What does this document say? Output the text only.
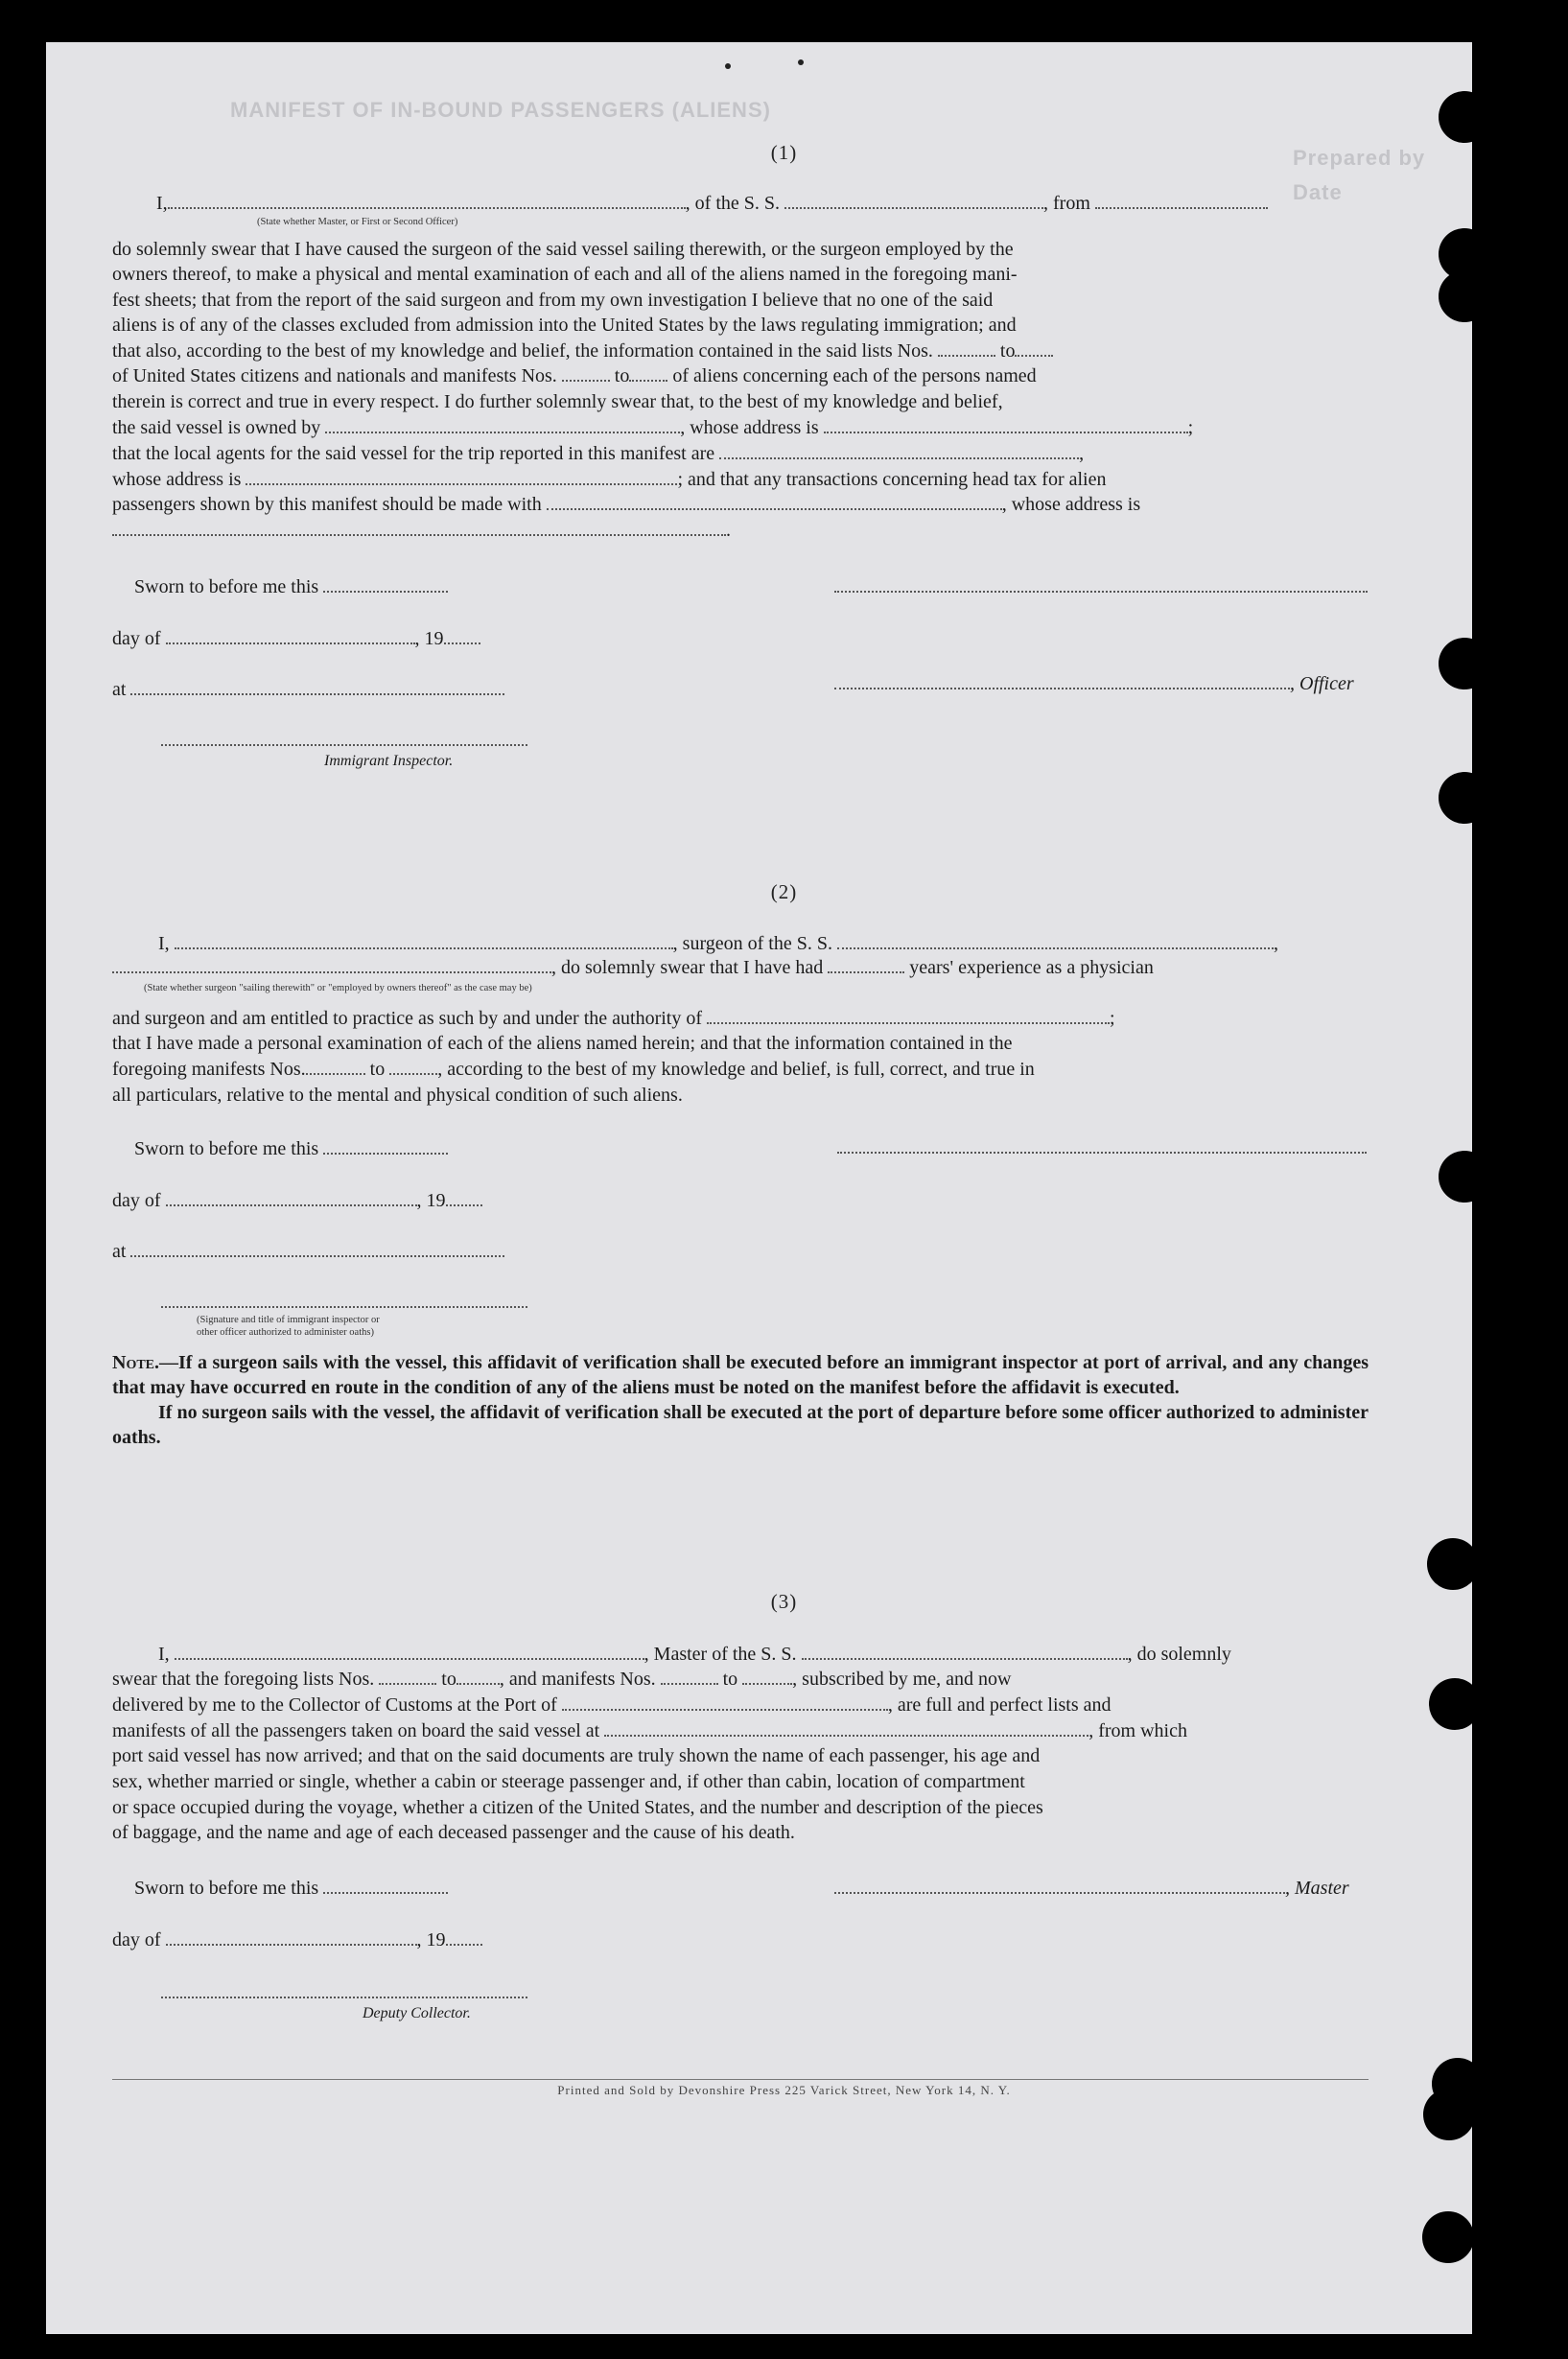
MANIFEST OF IN-BOUND PASSENGERS (ALIENS)
Prepared by
Date
(1)
I,	, of the S. S.	, from
(State whether Master, or First or Second Officer)
do solemnly swear that I have caused the surgeon of the said vessel sailing therewith, or the surgeon employed by the
owners thereof, to make a physical and mental examination of each and all of the aliens named in the foregoing mani-
fest sheets; that from the report of the said surgeon and from my own investigation I believe that no one of the said
aliens is of any of the classes excluded from admission into the United States by the laws regulating immigration; and
that also, according to the best of my knowledge and belief, the information contained in the said lists Nos.	to
of United States citizens and nationals and manifests Nos.	to of aliens concerning each of the persons named
therein is correct and true in every respect. I do further solemnly swear that, to the best of my knowledge and belief,
the said vessel is owned by	, whose address is	;
that the local agents for the said vessel for the trip reported in this manifest are	,
whose address is	; and that any transactions concerning head tax for alien
passengers shown by this manifest should be made with	, whose address is
.
Sworn to before me this
day of	, 19
at	, Officer
Immigrant Inspector.
(2)
I,	, surgeon of the S. S.	,
, do solemnly swear that I have had	years' experience as a physician
(State whether surgeon "sailing therewith" or "employed by owners thereof" as the case may be)
and surgeon and am entitled to practice as such by and under the authority of	;
that I have made a personal examination of each of the aliens named herein; and that the information contained in the
foregoing manifests Nos.	to	, according to the best of my knowledge and belief, is full, correct, and true in
all particulars, relative to the mental and physical condition of such aliens.
Sworn to before me this
day of	, 19
at
(Signature and title of immigrant inspector or
other officer authorized to administer oaths)

Note.—If a surgeon sails with the vessel, this affidavit of verification shall be executed before an immigrant inspector at port of arrival, and any changes that may have occurred en route in the condition of any of the aliens must be noted on the manifest before the affidavit is executed.

If no surgeon sails with the vessel, the affidavit of verification shall be executed at the port of departure before some officer authorized to administer oaths.

(3)
I,	, Master of the S. S.	, do solemnly
swear that the foregoing lists Nos.	to , and manifests Nos.	to	, subscribed by me, and now
delivered by me to the Collector of Customs at the Port of	, are full and perfect lists and
manifests of all the passengers taken on board the said vessel at	, from which
port said vessel has now arrived; and that on the said documents are truly shown the name of each passenger, his age and
sex, whether married or single, whether a cabin or steerage passenger and, if other than cabin, location of compartment
or space occupied during the voyage, whether a citizen of the United States, and the number and description of the pieces
of baggage, and the name and age of each deceased passenger and the cause of his death.
Sworn to before me this	, Master
day of	, 19
Deputy Collector.
Printed and Sold by Devonshire Press 225 Varick Street, New York 14, N. Y.
